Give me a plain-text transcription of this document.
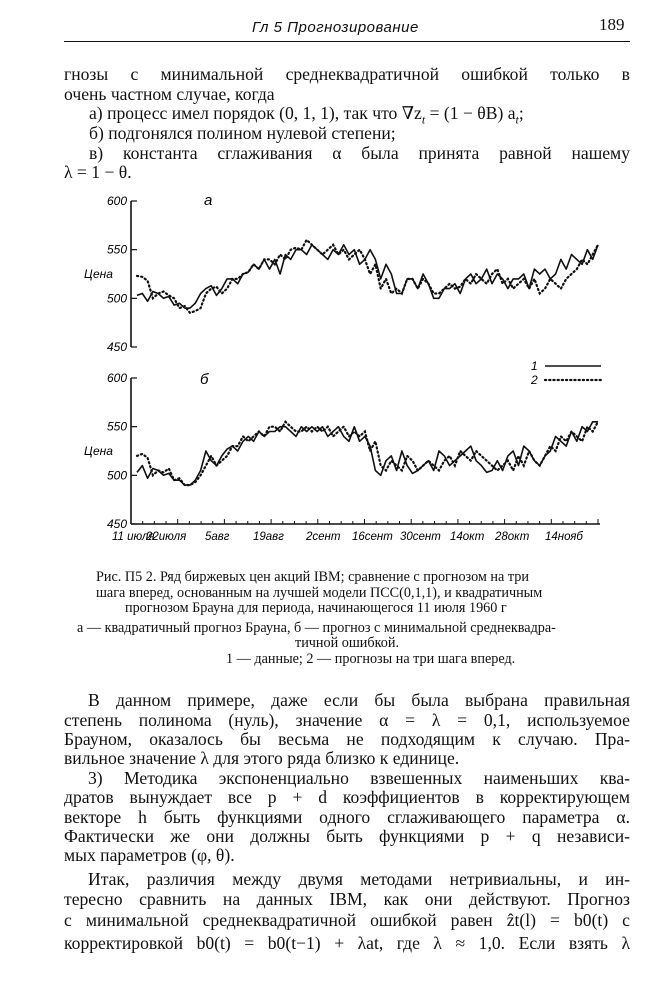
Гл 5 Прогнозирование	189
гнозы с минимальной среднеквадратичной ошибкой только в
очень частном случае, когда
а) процесс имел порядок (0, 1, 1), так что $\nabla z_t = (1 - \theta B)$ $a_t$;
б) подгонялся полином нулевой степени;
в) константа сглаживания α была принята равной нашему
λ = 1 − θ.
600
550
500
450
Цена
а
600
550
500
450
Цена
б
11 июля
22июля 5авг 19авг 2сент 16сент 30сент 14окт 28окт 14нояб
1
2
Рис. П5 2. Ряд биржевых цен акций IBM; сравнение с прогнозом на три
шага вперед, основанным на лучшей модели ПСС(0,1,1), и квадратичным
прогнозом Брауна для периода, начинающегося 11 июля 1960 г
а — квадратичный прогноз Брауна, б — прогноз с минимальной среднеквадра-
тичной ошибкой.
1 — данные; 2 — прогнозы на три шага вперед.
В данном примере, даже если бы была выбрана правильная
степень полинома (нуль), значение α = λ = 0,1, используемое
Брауном, оказалось бы весьма не подходящим к случаю. Пра-
вильное значение λ для этого ряда близко к единице.
3) Методика экспоненциально взвешенных наименьших ква-
дратов вынуждает все p + d коэффициентов в корректирующем
векторе h быть функциями одного сглаживающего параметра α.
Фактически же они должны быть функциями p + q независи-
мых параметров (φ, θ).
Итак, различия между двумя методами нетривиальны, и ин-
тересно сравнить на данных IBM, как они действуют. Прогноз
с минимальной среднеквадратичной ошибкой равен ẑt(l) = b0(t) с
корректировкой b0(t) = b0(t−1) + λat, где λ ≈ 1,0. Если взять λ
